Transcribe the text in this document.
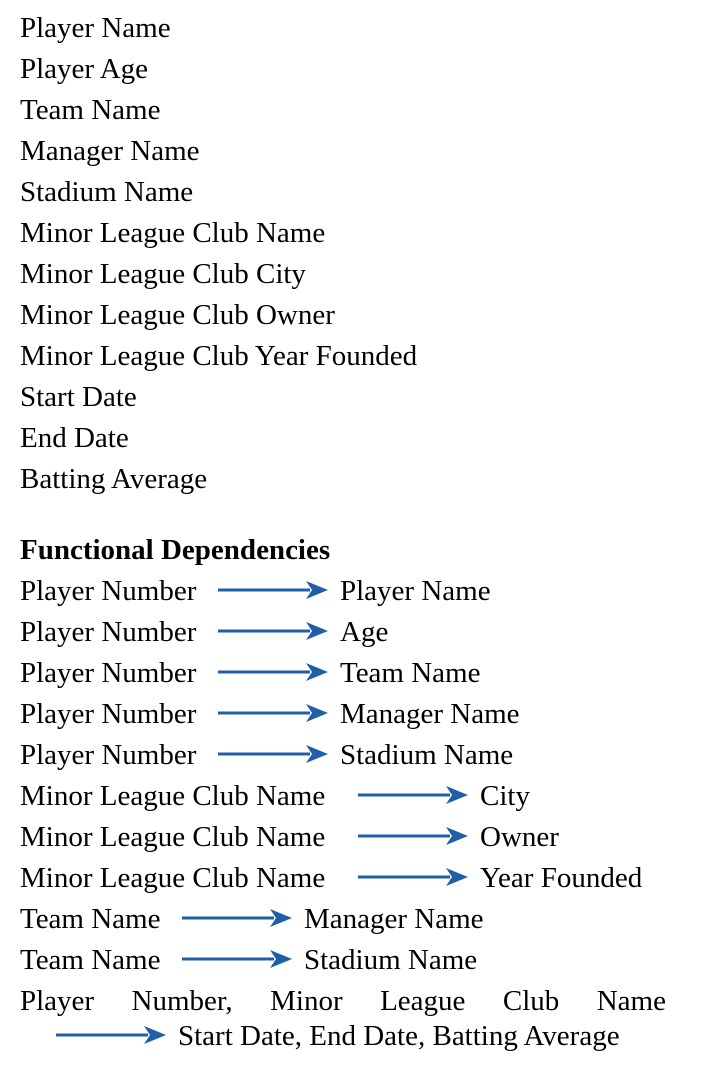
Player Name
Player Age
Team Name
Manager Name
Stadium Name
Minor League Club Name
Minor League Club City
Minor League Club Owner
Minor League Club Year Founded
Start Date
End Date
Batting Average
Functional Dependencies
Player Number	Player Name
Player Number	Age
Player Number	Team Name
Player Number	Manager Name
Player Number	Stadium Name
Minor League Club Name	City
Minor League Club Name	Owner
Minor League Club Name	Year Founded
Team Name	Manager Name
Team Name	Stadium Name
Player Number, Minor League Club Name
Start Date, End Date, Batting Average
